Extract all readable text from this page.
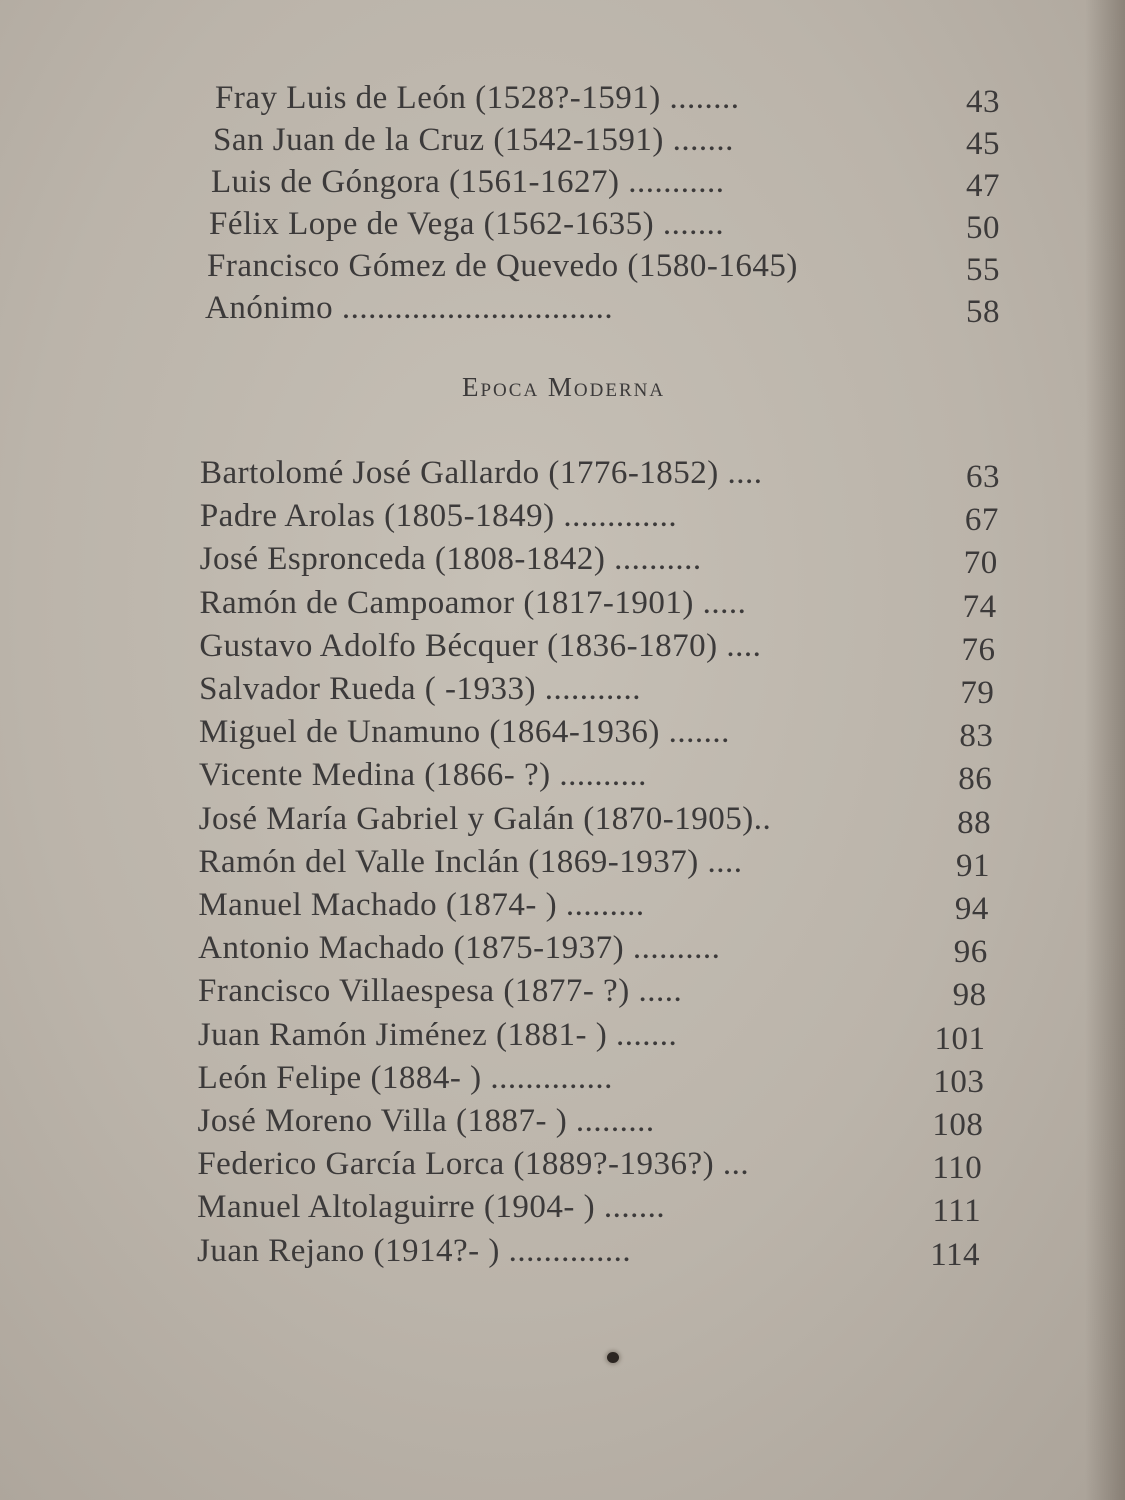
Fray Luis de León (1528?-1591) ........	43
San Juan de la Cruz (1542-1591) .......	45
Luis de Góngora (1561-1627) ...........	47
Félix Lope de Vega (1562-1635) .......	50
Francisco Gómez de Quevedo (1580-1645)	55
Anónimo ...............................	58
Epoca Moderna
Bartolomé José Gallardo (1776-1852) ....	63
Padre Arolas (1805-1849) .............	67
José Espronceda (1808-1842) ..........	70
Ramón de Campoamor (1817-1901) .....	74
Gustavo Adolfo Bécquer (1836-1870) ....	76
Salvador Rueda ( -1933) ...........	79
Miguel de Unamuno (1864-1936) .......	83
Vicente Medina (1866- ?) ..........	86
José María Gabriel y Galán (1870-1905)..	88
Ramón del Valle Inclán (1869-1937) ....	91
Manuel Machado (1874- ) .........	94
Antonio Machado (1875-1937) ..........	96
Francisco Villaespesa (1877- ?) .....	98
Juan Ramón Jiménez (1881- ) .......	101
León Felipe (1884- ) ..............	103
José Moreno Villa (1887- ) .........	108
Federico García Lorca (1889?-1936?) ...	110
Manuel Altolaguirre (1904- ) .......	111
Juan Rejano (1914?- ) ..............	114
